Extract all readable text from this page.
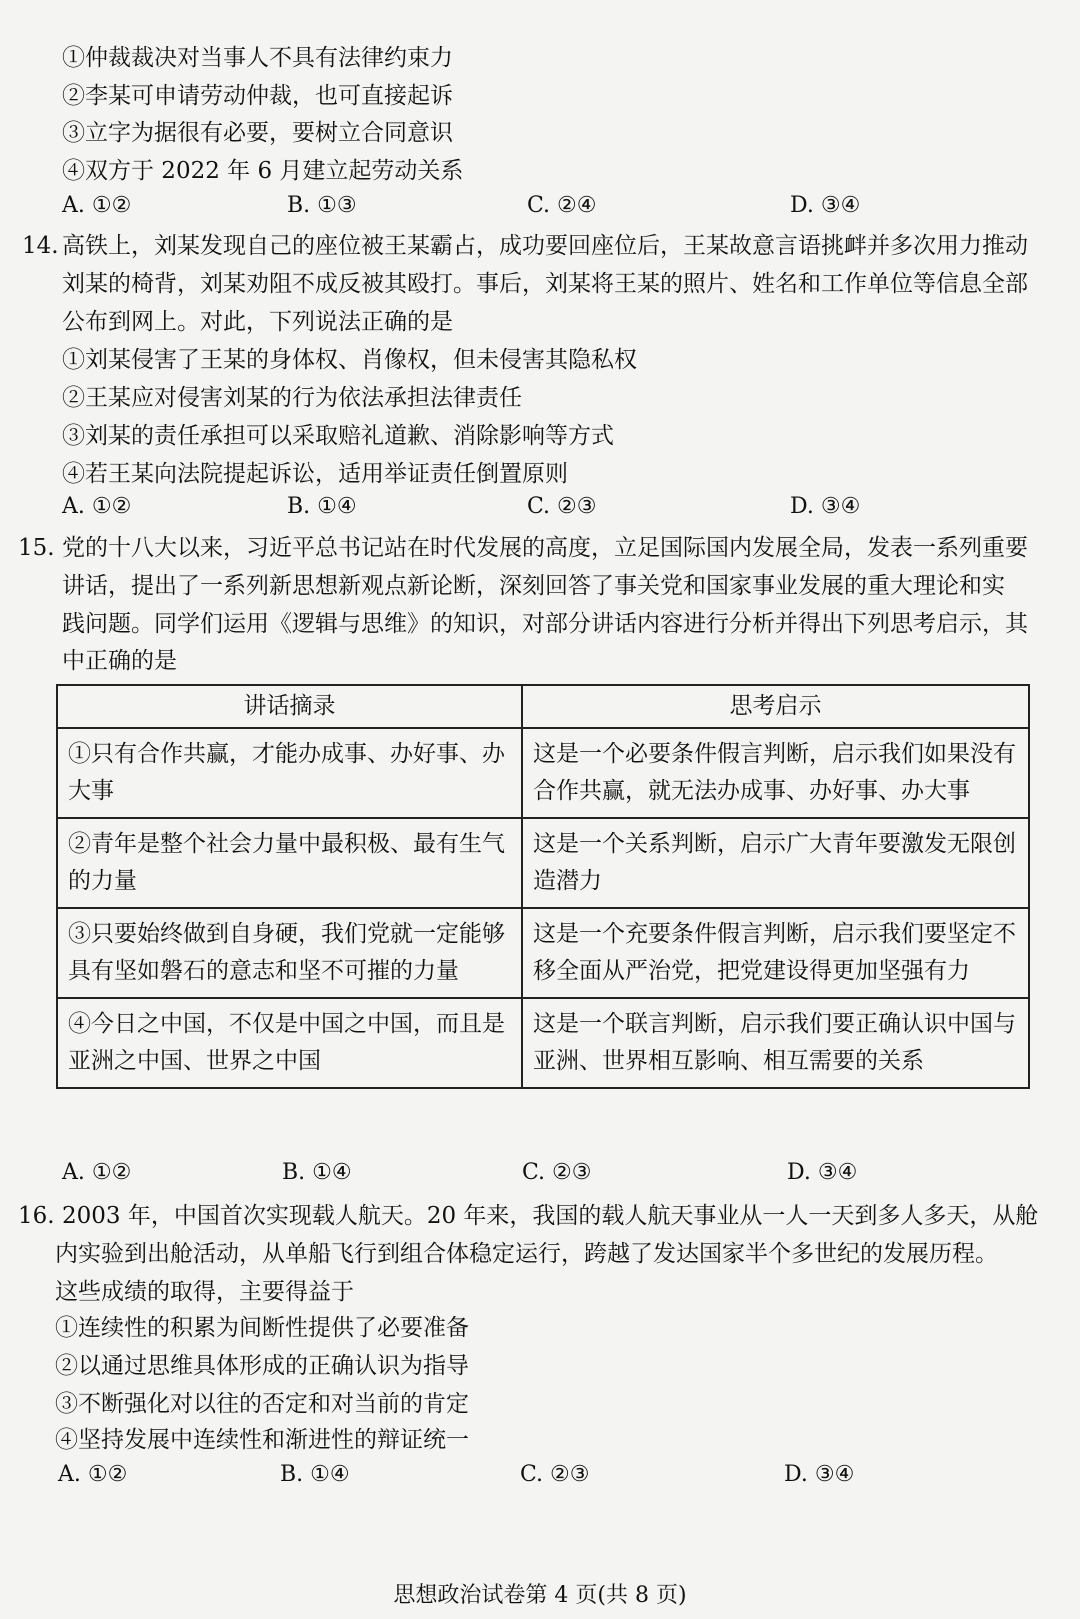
①仲裁裁决对当事人不具有法律约束力
②李某可申请劳动仲裁，也可直接起诉
③立字为据很有必要，要树立合同意识
④双方于 2022 年 6 月建立起劳动关系
A. ①②	B. ①③	C. ②④	D. ③④
14. 高铁上，刘某发现自己的座位被王某霸占，成功要回座位后，王某故意言语挑衅并多次用力推动
刘某的椅背，刘某劝阻不成反被其殴打。事后，刘某将王某的照片、姓名和工作单位等信息全部
公布到网上。对此，下列说法正确的是
①刘某侵害了王某的身体权、肖像权，但未侵害其隐私权
②王某应对侵害刘某的行为依法承担法律责任
③刘某的责任承担可以采取赔礼道歉、消除影响等方式
④若王某向法院提起诉讼，适用举证责任倒置原则
A. ①②	B. ①④	C. ②③	D. ③④
15. 党的十八大以来，习近平总书记站在时代发展的高度，立足国际国内发展全局，发表一系列重要
讲话，提出了一系列新思想新观点新论断，深刻回答了事关党和国家事业发展的重大理论和实
践问题。同学们运用《逻辑与思维》的知识，对部分讲话内容进行分析并得出下列思考启示，其
中正确的是
讲话摘录	思考启示
①只有合作共赢，才能办成事、办好事、办大事	这是一个必要条件假言判断，启示我们如果没有合作共赢，就无法办成事、办好事、办大事
②青年是整个社会力量中最积极、最有生气的力量	这是一个关系判断，启示广大青年要激发无限创造潜力
③只要始终做到自身硬，我们党就一定能够具有坚如磐石的意志和坚不可摧的力量	这是一个充要条件假言判断，启示我们要坚定不移全面从严治党，把党建设得更加坚强有力
④今日之中国，不仅是中国之中国，而且是亚洲之中国、世界之中国	这是一个联言判断，启示我们要正确认识中国与亚洲、世界相互影响、相互需要的关系
A. ①②	B. ①④	C. ②③	D. ③④
16. 2003 年，中国首次实现载人航天。20 年来，我国的载人航天事业从一人一天到多人多天，从舱
内实验到出舱活动，从单船飞行到组合体稳定运行，跨越了发达国家半个多世纪的发展历程。
这些成绩的取得，主要得益于
①连续性的积累为间断性提供了必要准备
②以通过思维具体形成的正确认识为指导
③不断强化对以往的否定和对当前的肯定
④坚持发展中连续性和渐进性的辩证统一
A. ①②	B. ①④	C. ②③	D. ③④
思想政治试卷第 4 页(共 8 页)
